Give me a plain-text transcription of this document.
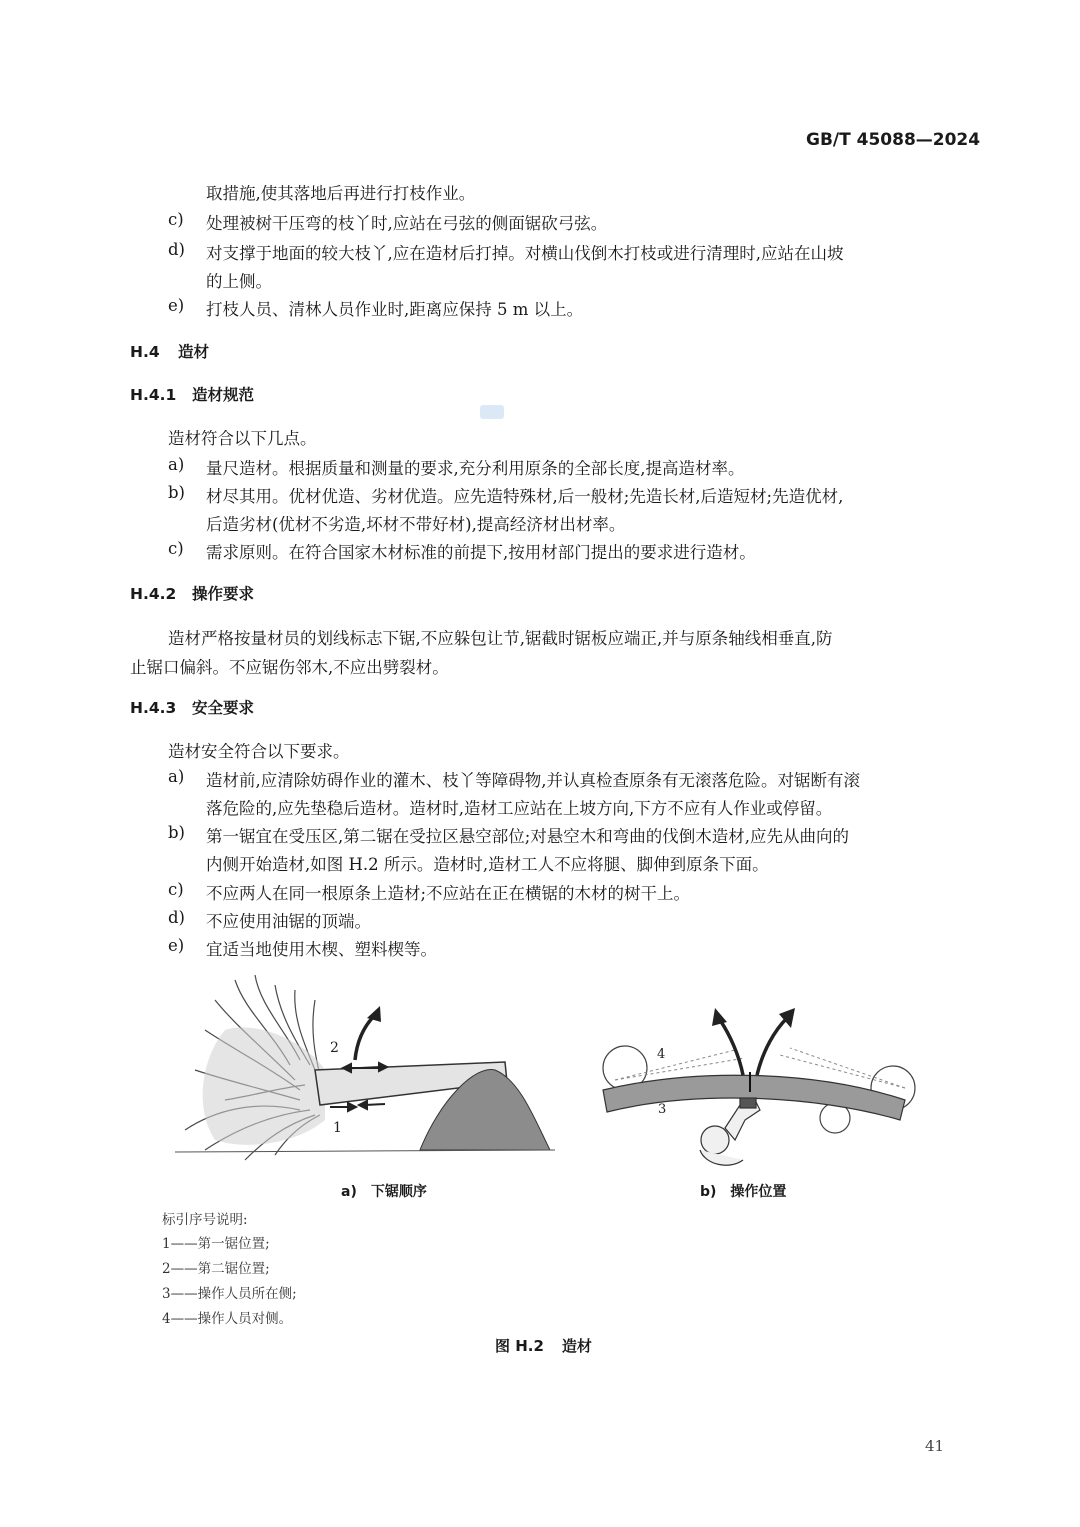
GB/T 45088—2024
取措施,使其落地后再进行打枝作业。
c)	处理被树干压弯的枝丫时,应站在弓弦的侧面锯砍弓弦。
d)	对支撑于地面的较大枝丫,应在造材后打掉。对横山伐倒木打枝或进行清理时,应站在山坡
的上侧。
e)	打枝人员、清林人员作业时,距离应保持 5 m 以上。
H.4 造材
H.4.1 造材规范
造材符合以下几点。
a)	量尺造材。根据质量和测量的要求,充分利用原条的全部长度,提高造材率。
b)	材尽其用。优材优造、劣材优造。应先造特殊材,后一般材;先造长材,后造短材;先造优材,
后造劣材(优材不劣造,坏材不带好材),提高经济材出材率。
c)	需求原则。在符合国家木材标准的前提下,按用材部门提出的要求进行造材。
H.4.2 操作要求
造材严格按量材员的划线标志下锯,不应躲包让节,锯截时锯板应端正,并与原条轴线相垂直,防
止锯口偏斜。不应锯伤邻木,不应出劈裂材。
H.4.3 安全要求
造材安全符合以下要求。
a)	造材前,应清除妨碍作业的灌木、枝丫等障碍物,并认真检查原条有无滚落危险。对锯断有滚
落危险的,应先垫稳后造材。造材时,造材工应站在上坡方向,下方不应有人作业或停留。
b)	第一锯宜在受压区,第二锯在受拉区悬空部位;对悬空木和弯曲的伐倒木造材,应先从曲向的
内侧开始造材,如图 H.2 所示。造材时,造材工人不应将腿、脚伸到原条下面。
c)	不应两人在同一根原条上造材;不应站在正在横锯的木材的树干上。
d)	不应使用油锯的顶端。
e)	宜适当地使用木楔、塑料楔等。
2
1
4
3
a) 下锯顺序	b) 操作位置
标引序号说明:
1——第一锯位置;
2——第二锯位置;
3——操作人员所在侧;
4——操作人员对侧。
图 H.2 造材
41
